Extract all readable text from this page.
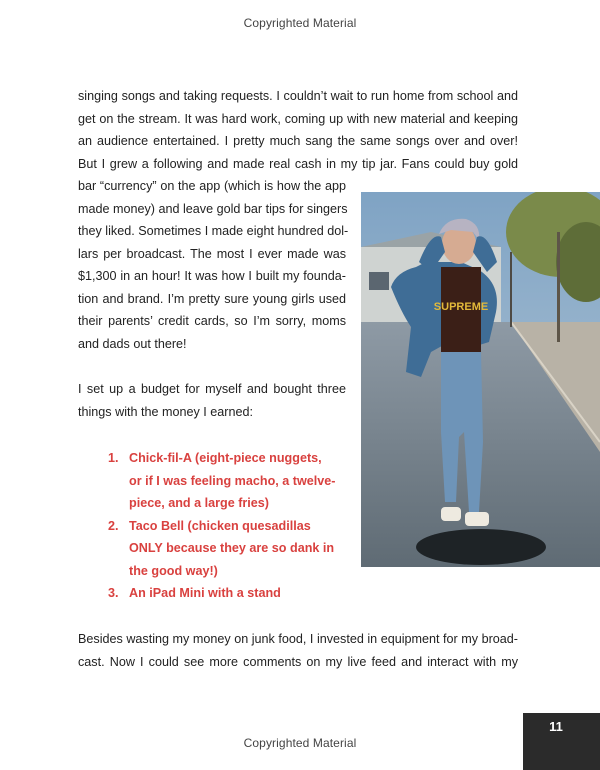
Copyrighted Material
singing songs and taking requests. I couldn’t wait to run home from school and
get on the stream. It was hard work, coming up with new material and keeping
an audience entertained. I pretty much sang the same songs over and over!
But I grew a following and made real cash in my tip jar. Fans could buy gold
bar “currency” on the app (which is how the app
made money) and leave gold bar tips for singers
they liked. Sometimes I made eight hundred dol-
lars per broadcast. The most I ever made was
$1,300 in an hour! It was how I built my founda-
tion and brand. I’m pretty sure young girls used
their parents’ credit cards, so I’m sorry, moms
and dads out there!
I set up a budget for myself and bought three
things with the money I earned:
1. Chick-fil-A (eight-piece nuggets,
or if I was feeling macho, a twelve-
piece, and a large fries)
2. Taco Bell (chicken quesadillas
ONLY because they are so dank in
the good way!)
3. An iPad Mini with a stand
Besides wasting my money on junk food, I invested in equipment for my broad-
cast. Now I could see more comments on my live feed and interact with my
SUPREME
11
Copyrighted Material
